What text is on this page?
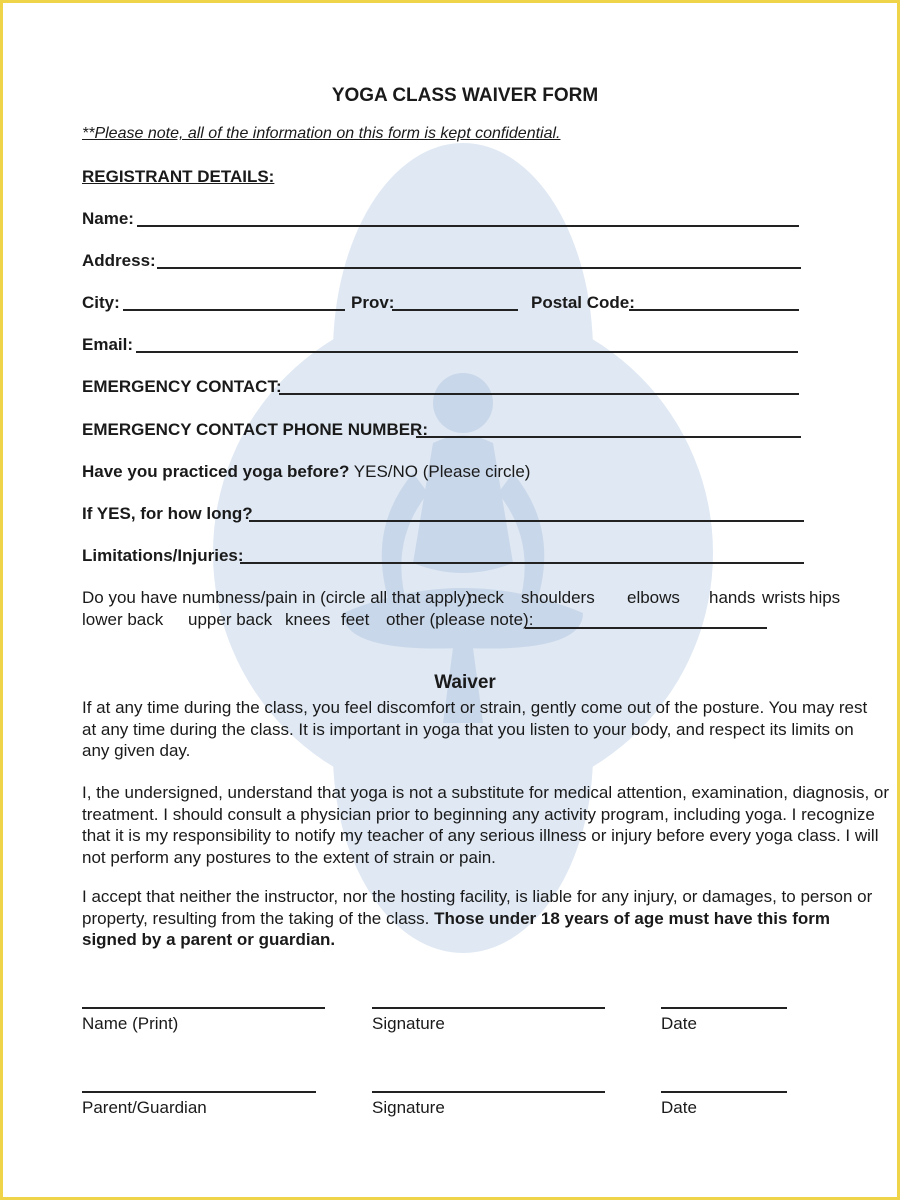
YOGA CLASS WAIVER FORM
**Please note, all of the information on this form is kept confidential.
REGISTRANT DETAILS:
Name:
Address:
City:	Prov:	Postal Code:
Email:
EMERGENCY CONTACT:
EMERGENCY CONTACT PHONE NUMBER:
Have you practiced yoga before? YES/NO (Please circle)
If YES, for how long?
Limitations/Injuries:
Do you have numbness/pain in (circle all that apply):
neck shoulders elbows hands wrists hips
lower back upper back knees feet other (please note):
Waiver

If at any time during the class, you feel discomfort or strain, gently come out of the posture. You may rest

at any time during the class. It is important in yoga that you listen to your body, and respect its limits on

any given day.

I, the undersigned, understand that yoga is not a substitute for medical attention, examination, diagnosis, or

treatment. I should consult a physician prior to beginning any activity program, including yoga. I recognize

that it is my responsibility to notify my teacher of any serious illness or injury before every yoga class. I will

not perform any postures to the extent of strain or pain.

I accept that neither the instructor, nor the hosting facility, is liable for any injury, or damages, to person or

property, resulting from the taking of the class. Those under 18 years of age must have this form

signed by a parent or guardian.

Name (Print)	Signature	Date
Parent/Guardian	Signature	Date
